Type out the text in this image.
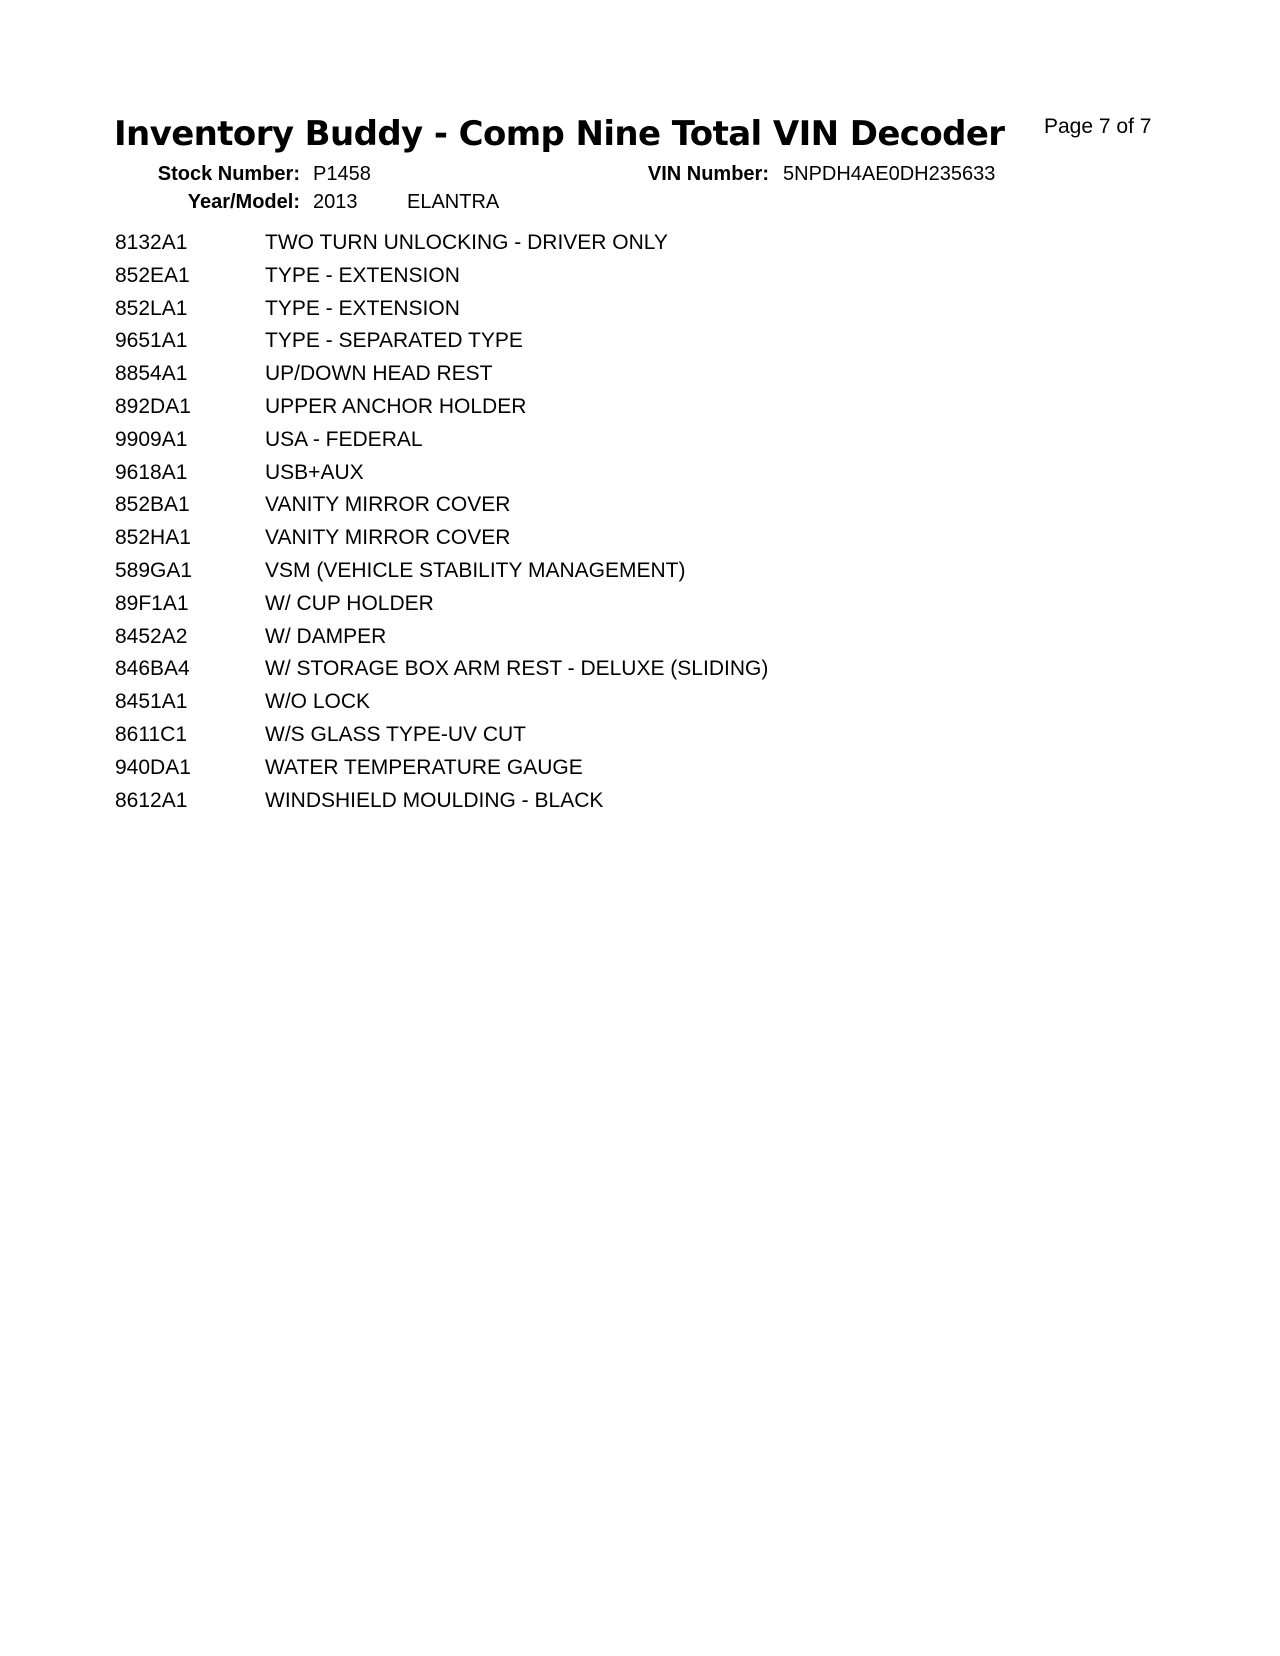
Inventory Buddy - Comp Nine Total VIN Decoder Page 7 of 7
Stock Number: P1458	VIN Number: 5NPDH4AE0DH235633
Year/Model: 2013 ELANTRA
8132A1	TWO TURN UNLOCKING - DRIVER ONLY
852EA1	TYPE - EXTENSION
852LA1	TYPE - EXTENSION
9651A1	TYPE - SEPARATED TYPE
8854A1	UP/DOWN HEAD REST
892DA1	UPPER ANCHOR HOLDER
9909A1	USA - FEDERAL
9618A1	USB+AUX
852BA1	VANITY MIRROR COVER
852HA1	VANITY MIRROR COVER
589GA1	VSM (VEHICLE STABILITY MANAGEMENT)
89F1A1	W/ CUP HOLDER
8452A2	W/ DAMPER
846BA4	W/ STORAGE BOX ARM REST - DELUXE (SLIDING)
8451A1	W/O LOCK
8611C1	W/S GLASS TYPE-UV CUT
940DA1	WATER TEMPERATURE GAUGE
8612A1	WINDSHIELD MOULDING - BLACK
